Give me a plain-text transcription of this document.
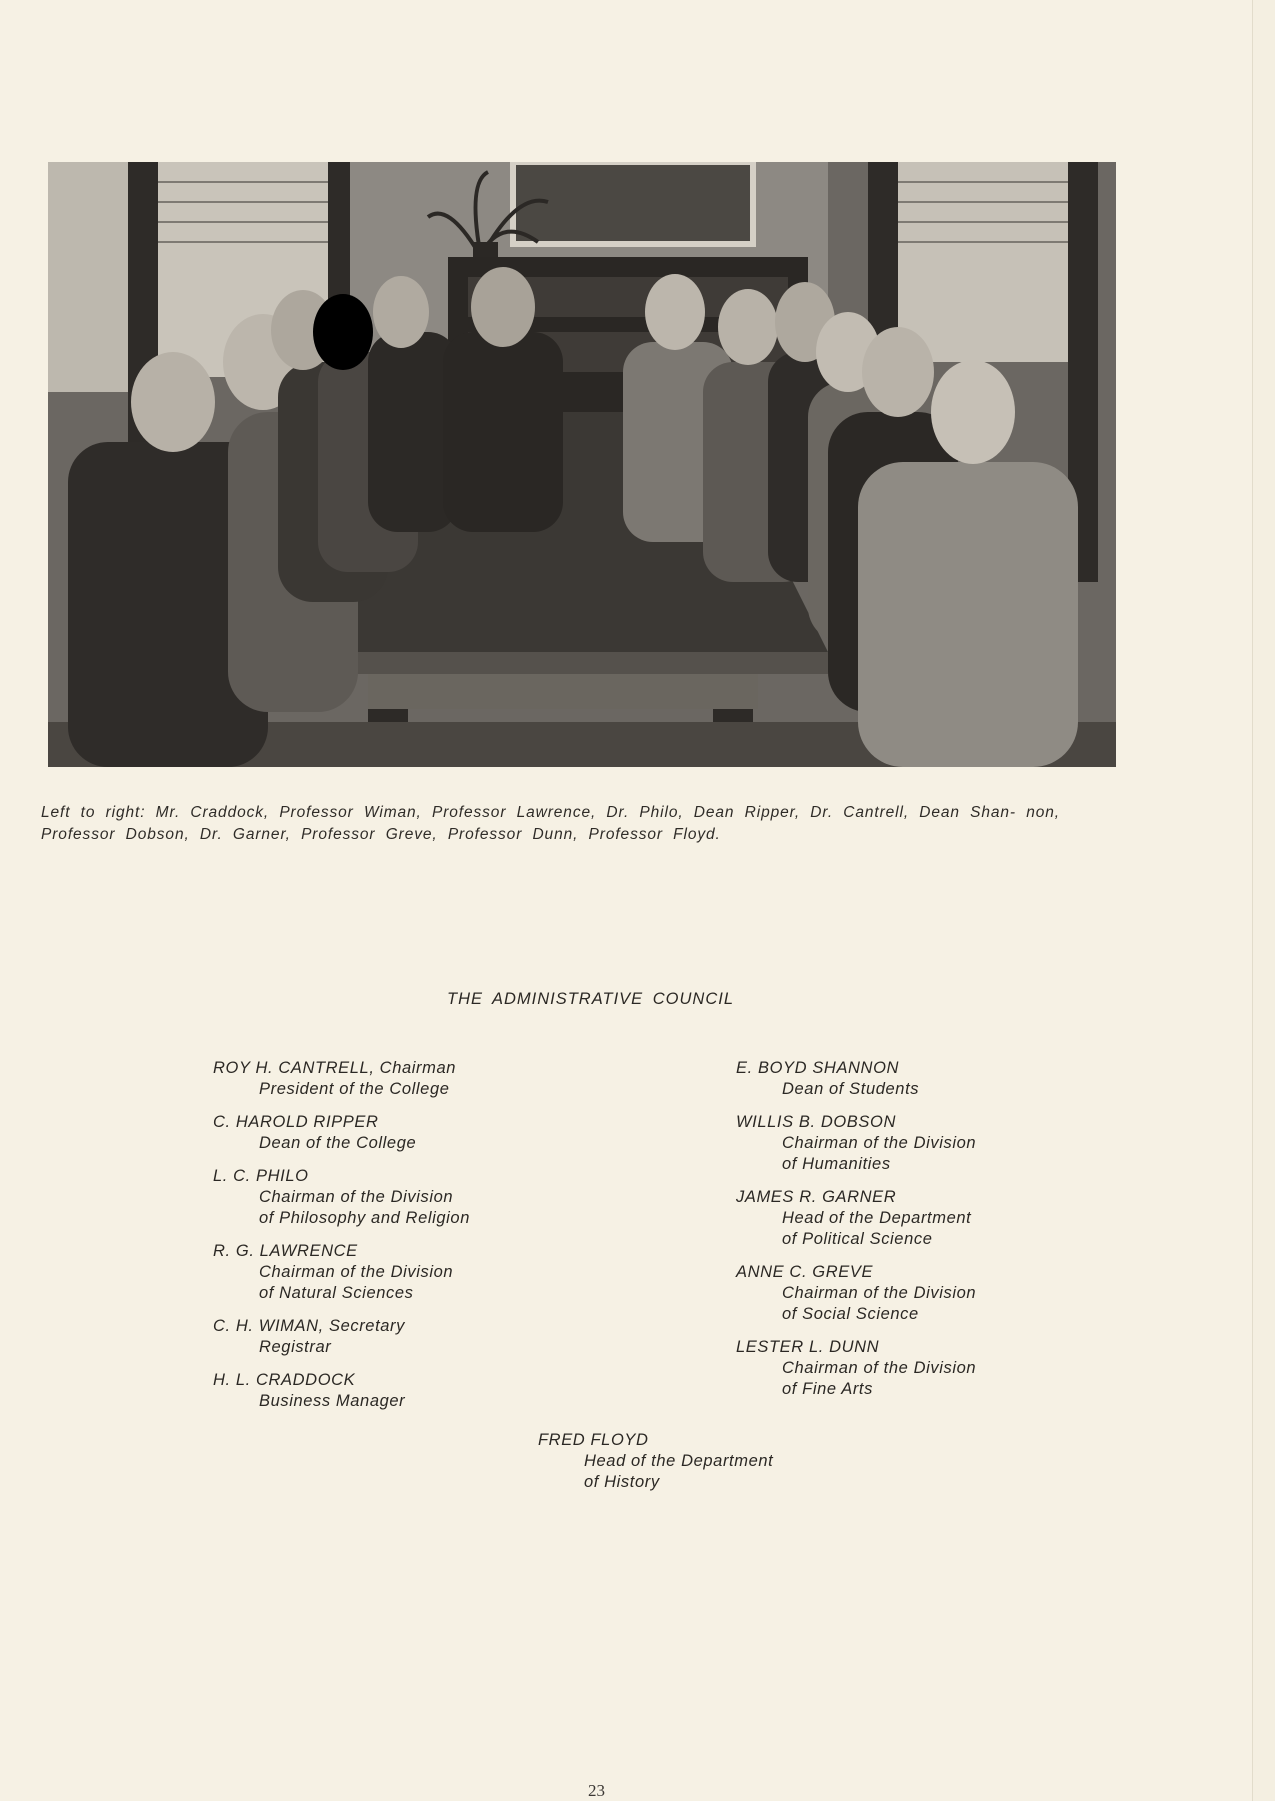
Left to right: Mr. Craddock, Professor Wiman, Professor Lawrence, Dr. Philo, Dean Ripper, Dr. Cantrell, Dean Shan- non, Professor Dobson, Dr. Garner, Professor Greve, Professor Dunn, Professor Floyd.
THE ADMINISTRATIVE COUNCIL
ROY H. CANTRELL, Chairman
President of the College
C. HAROLD RIPPER
Dean of the College
L. C. PHILO
Chairman of the Division
of Philosophy and Religion
R. G. LAWRENCE
Chairman of the Division
of Natural Sciences
C. H. WIMAN, Secretary
Registrar
H. L. CRADDOCK
Business Manager
E. BOYD SHANNON
Dean of Students
WILLIS B. DOBSON
Chairman of the Division
of Humanities
JAMES R. GARNER
Head of the Department
of Political Science
ANNE C. GREVE
Chairman of the Division
of Social Science
LESTER L. DUNN
Chairman of the Division
of Fine Arts
FRED FLOYD
Head of the Department
of History
23
